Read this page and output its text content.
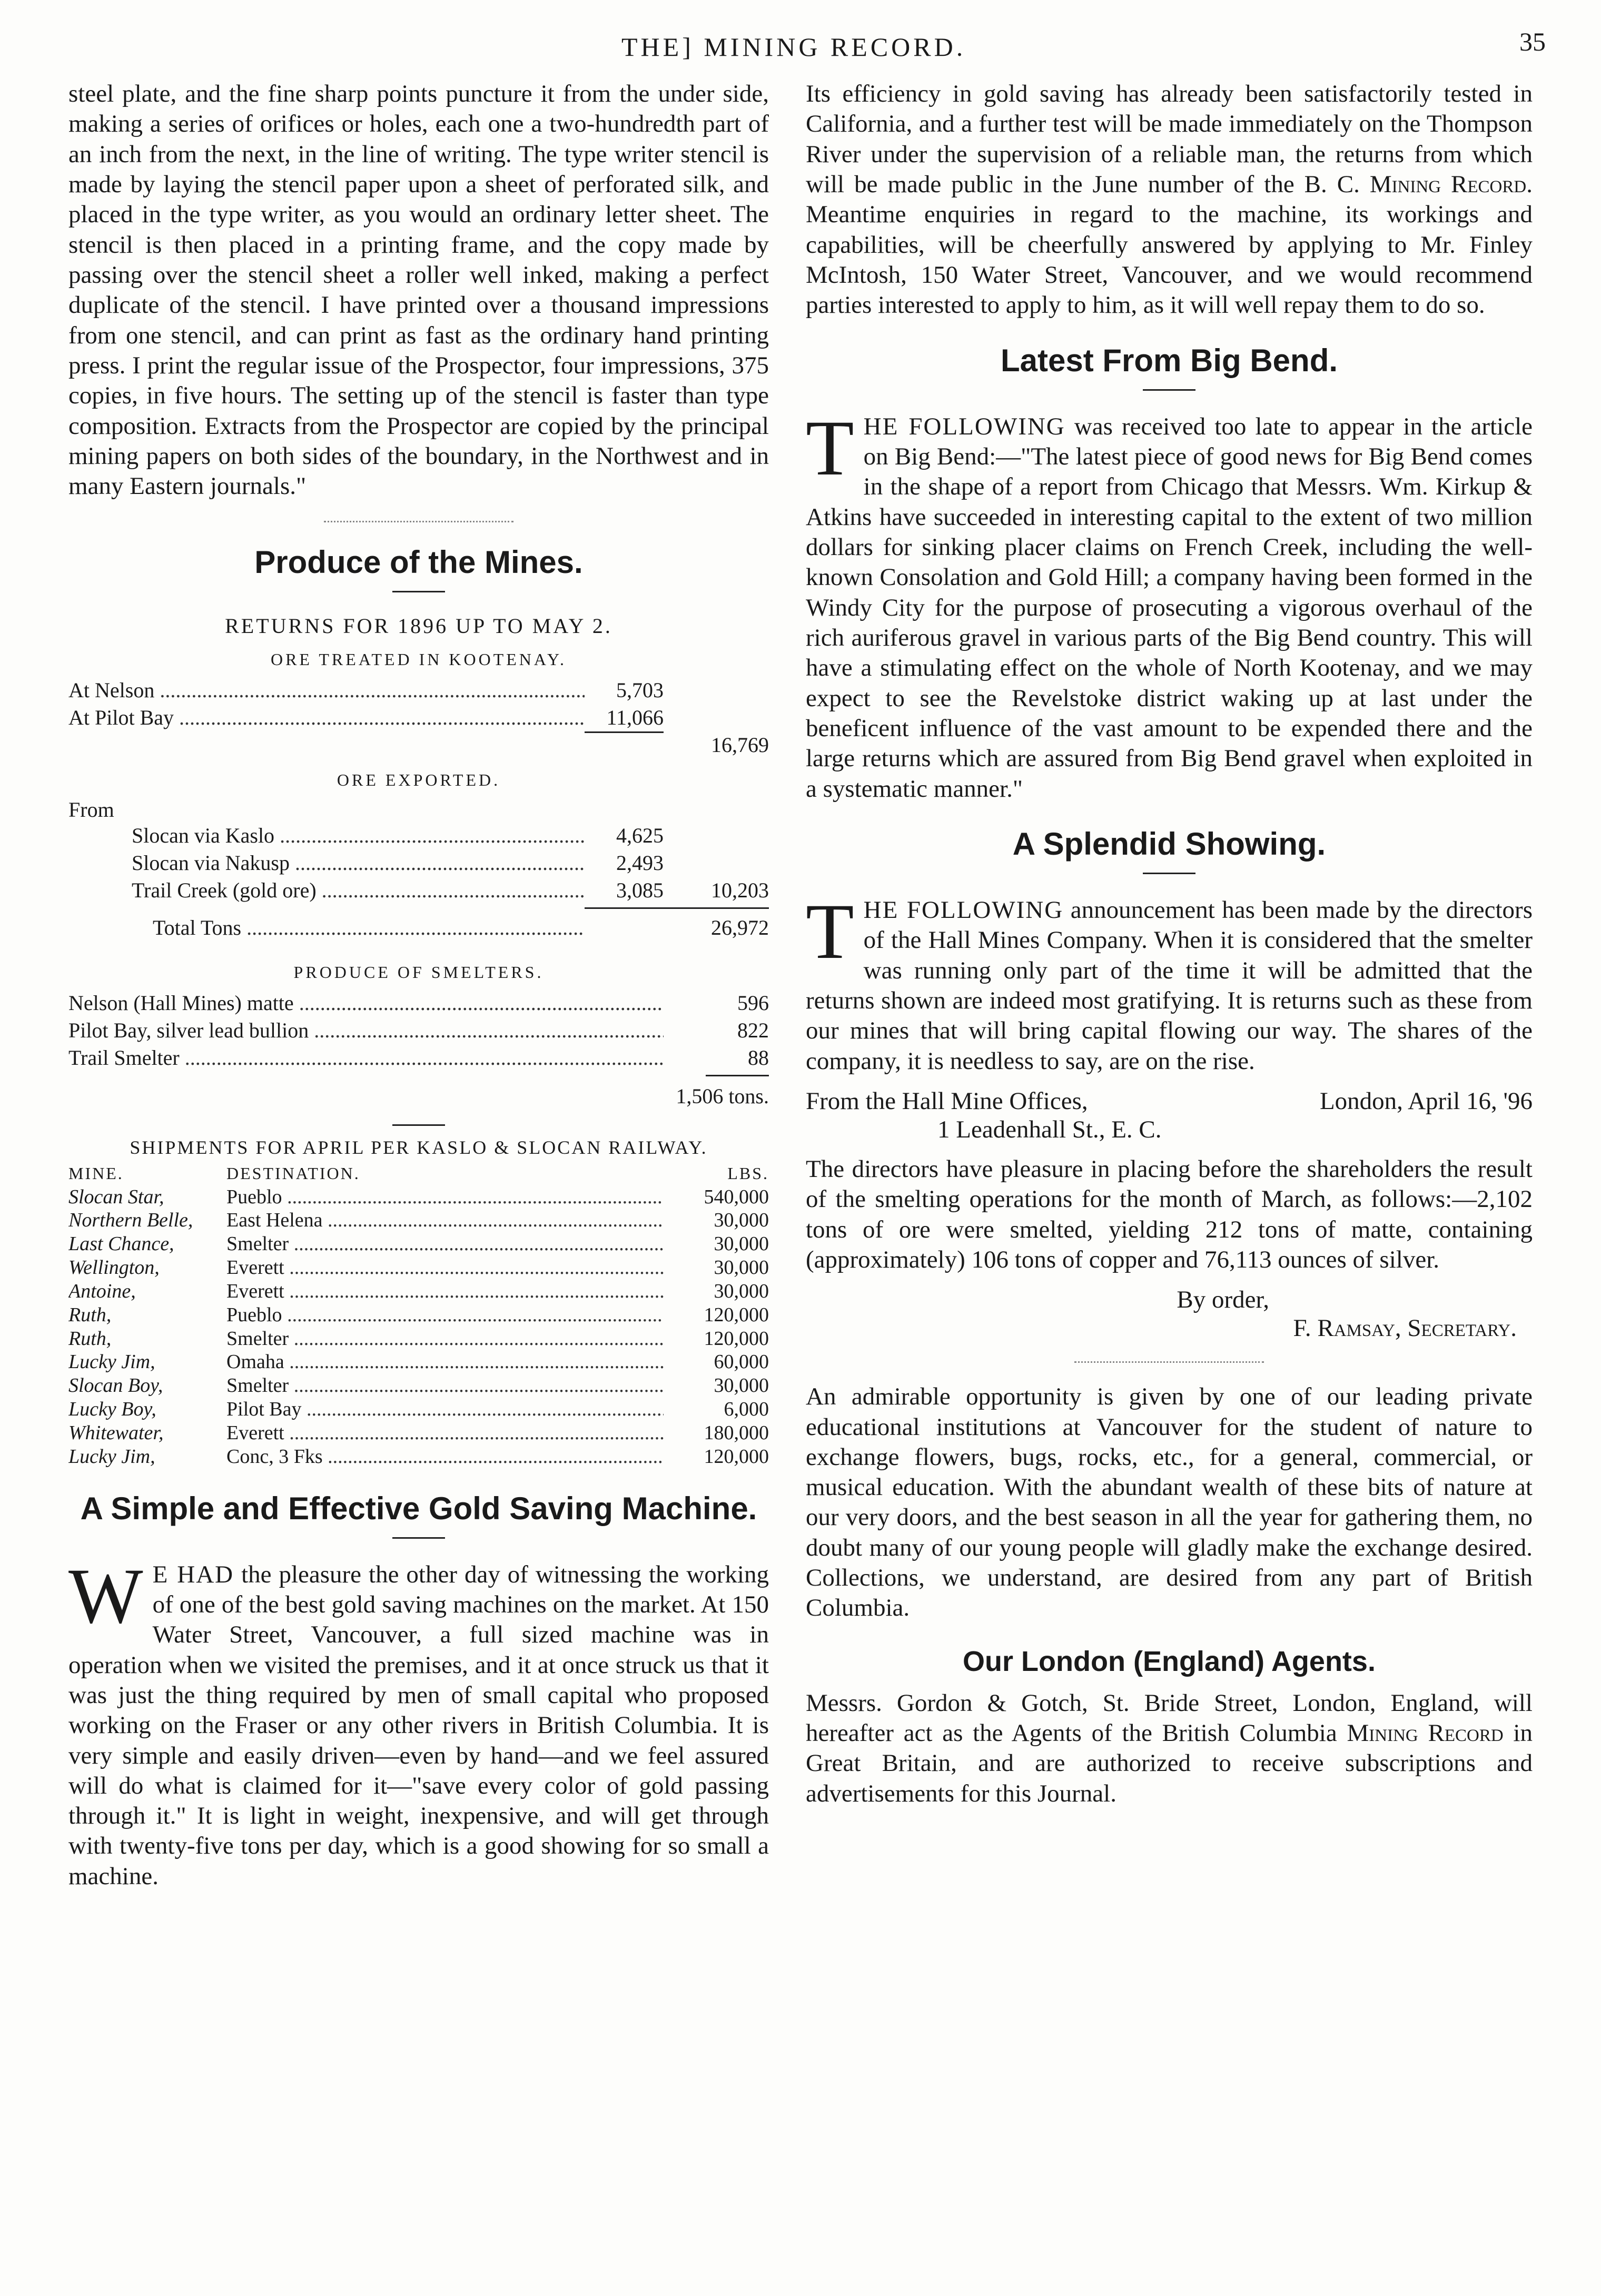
THE] MINING RECORD.	35

steel plate, and the fine sharp points puncture it from the under side, making a series of orifices or holes, each one a two-hundredth part of an inch from the next, in the line of writing. The type writer stencil is made by laying the stencil paper upon a sheet of perforated silk, and placed in the type writer, as you would an ordinary letter sheet. The stencil is then placed in a printing frame, and the copy made by passing over the stencil sheet a roller well inked, making a perfect duplicate of the stencil. I have printed over a thousand impressions from one stencil, and can print as fast as the ordinary hand printing press. I print the regular issue of the Prospector, four impressions, 375 copies, in five hours. The setting up of the stencil is faster than type composition. Extracts from the Prospector are copied by the principal mining papers on both sides of the boundary, in the Northwest and in many Eastern journals."

Produce of the Mines.
RETURNS FOR 1896 UP TO MAY 2.
ORE TREATED IN KOOTENAY.
At Nelson .....	5,703
At Pilot Bay .....	11,066
16,769
ORE EXPORTED.
From
Slocan via Kaslo .....	4,625
Slocan via Nakusp .....	2,493
Trail Creek (gold ore) .....	3,085	10,203
Total Tons .....	26,972
PRODUCE OF SMELTERS.
Nelson (Hall Mines) matte .....	596
Pilot Bay, silver lead bullion .....	822
Trail Smelter .....	88
1,506 tons.
SHIPMENTS FOR APRIL PER KASLO & SLOCAN RAILWAY.
MINE.	DESTINATION.	LBS.
Slocan Star,	Pueblo .....	540,000
Northern Belle,	East Helena .....	30,000
Last Chance,	Smelter .....	30,000
Wellington,	Everett .....	30,000
Antoine,	Everett .....	30,000
Ruth,	Pueblo .....	120,000
Ruth,	Smelter .....	120,000
Lucky Jim,	Omaha .....	60,000
Slocan Boy,	Smelter .....	30,000
Lucky Boy,	Pilot Bay .....	6,000
Whitewater,	Everett .....	180,000
Lucky Jim,	Conc, 3 Fks .....	120,000
A Simple and Effective Gold Saving Machine.

W E HAD the pleasure the other day of witnessing the working of one of the best gold saving machines on the market. At 150 Water Street, Vancouver, a full sized machine was in operation when we visited the premises, and it at once struck us that it was just the thing required by men of small capital who proposed working on the Fraser or any other rivers in British Columbia. It is very simple and easily driven—even by hand—and we feel assured will do what is claimed for it—"save every color of gold passing through it." It is light in weight, inexpensive, and will get through with twenty-five tons per day, which is a good showing for so small a machine.

Its efficiency in gold saving has already been satisfactorily tested in California, and a further test will be made immediately on the Thompson River under the supervision of a reliable man, the returns from which will be made public in the June number of the B. C. Mining Record. Meantime enquiries in regard to the machine, its workings and capabilities, will be cheerfully answered by applying to Mr. Finley McIntosh, 150 Water Street, Vancouver, and we would recommend parties interested to apply to him, as it will well repay them to do so.

Latest From Big Bend.

THE FOLLOWING was received too late to appear in the article on Big Bend:—"The latest piece of good news for Big Bend comes in the shape of a report from Chicago that Messrs. Wm. Kirkup & Atkins have succeeded in interesting capital to the extent of two million dollars for sinking placer claims on French Creek, including the well-known Consolation and Gold Hill; a company having been formed in the Windy City for the purpose of prosecuting a vigorous overhaul of the rich auriferous gravel in various parts of the Big Bend country. This will have a stimulating effect on the whole of North Kootenay, and we may expect to see the Revelstoke district waking up at last under the beneficent influence of the vast amount to be expended there and the large returns which are assured from Big Bend gravel when exploited in a systematic manner."

A Splendid Showing.

THE FOLLOWING announcement has been made by the directors of the Hall Mines Company. When it is considered that the smelter was running only part of the time it will be admitted that the returns shown are indeed most gratifying. It is returns such as these from our mines that will bring capital flowing our way. The shares of the company, it is needless to say, are on the rise.

From the Hall Mine Offices,	London, April 16, '96
1 Leadenhall St., E. C.

The directors have pleasure in placing before the shareholders the result of the smelting operations for the month of March, as follows:—2,102 tons of ore were smelted, yielding 212 tons of matte, containing (approximately) 106 tons of copper and 76,113 ounces of silver.

By order,
F. Ramsay, Secretary.

An admirable opportunity is given by one of our leading private educational institutions at Vancouver for the student of nature to exchange flowers, bugs, rocks, etc., for a general, commercial, or musical education. With the abundant wealth of these bits of nature at our very doors, and the best season in all the year for gathering them, no doubt many of our young people will gladly make the exchange desired. Collections, we understand, are desired from any part of British Columbia.

Our London (England) Agents.

Messrs. Gordon & Gotch, St. Bride Street, London, England, will hereafter act as the Agents of the British Columbia Mining Record in Great Britain, and are authorized to receive subscriptions and advertisements for this Journal.
